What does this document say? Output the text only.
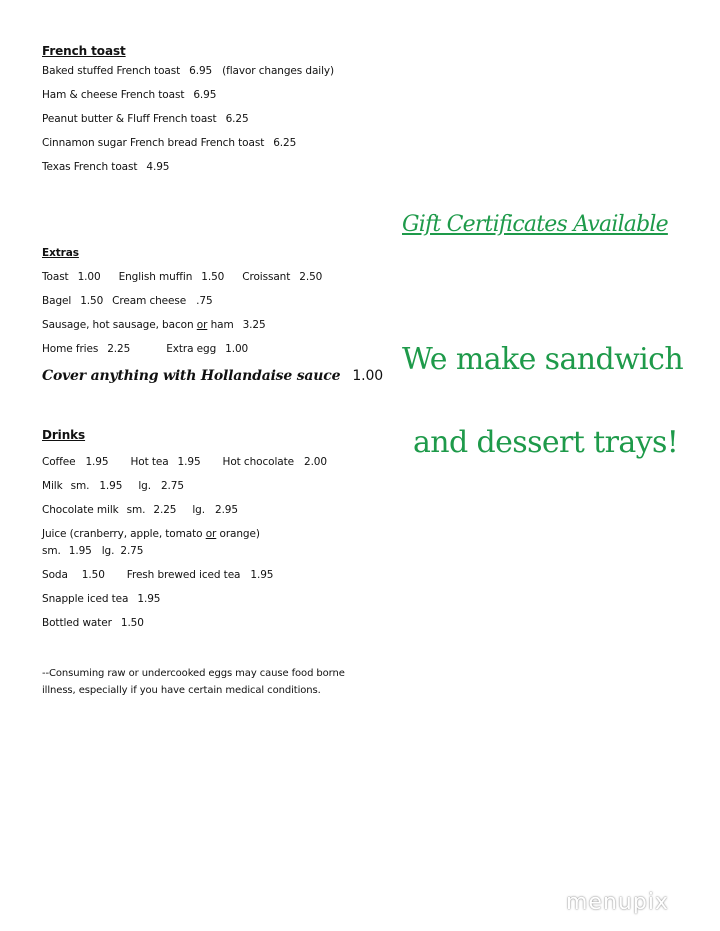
French toast
Baked stuffed French toast 6.95 (flavor changes daily)
Ham & cheese French toast 6.95
Peanut butter & Fluff French toast 6.25
Cinnamon sugar French bread French toast 6.25
Texas French toast 4.95
Extras
Toast 1.00 English muffin 1.50 Croissant 2.50
Bagel 1.50 Cream cheese .75
Sausage, hot sausage, bacon or ham 3.25
Home fries 2.25	Extra egg 1.00
Cover anything with Hollandaise sauce 1.00
Drinks
Coffee 1.95 Hot tea 1.95 Hot chocolate 2.00
Milk sm. 1.95 lg. 2.75
Chocolate milk sm. 2.25 lg. 2.95
Juice (cranberry, apple, tomato or orange)
sm. 1.95 lg. 2.75
Soda 1.50 Fresh brewed iced tea 1.95
Snapple iced tea 1.95
Bottled water 1.50
--Consuming raw or undercooked eggs may cause food borne
illness, especially if you have certain medical conditions.
Gift Certificates Available
We make sandwich
and dessert trays!
menupix
